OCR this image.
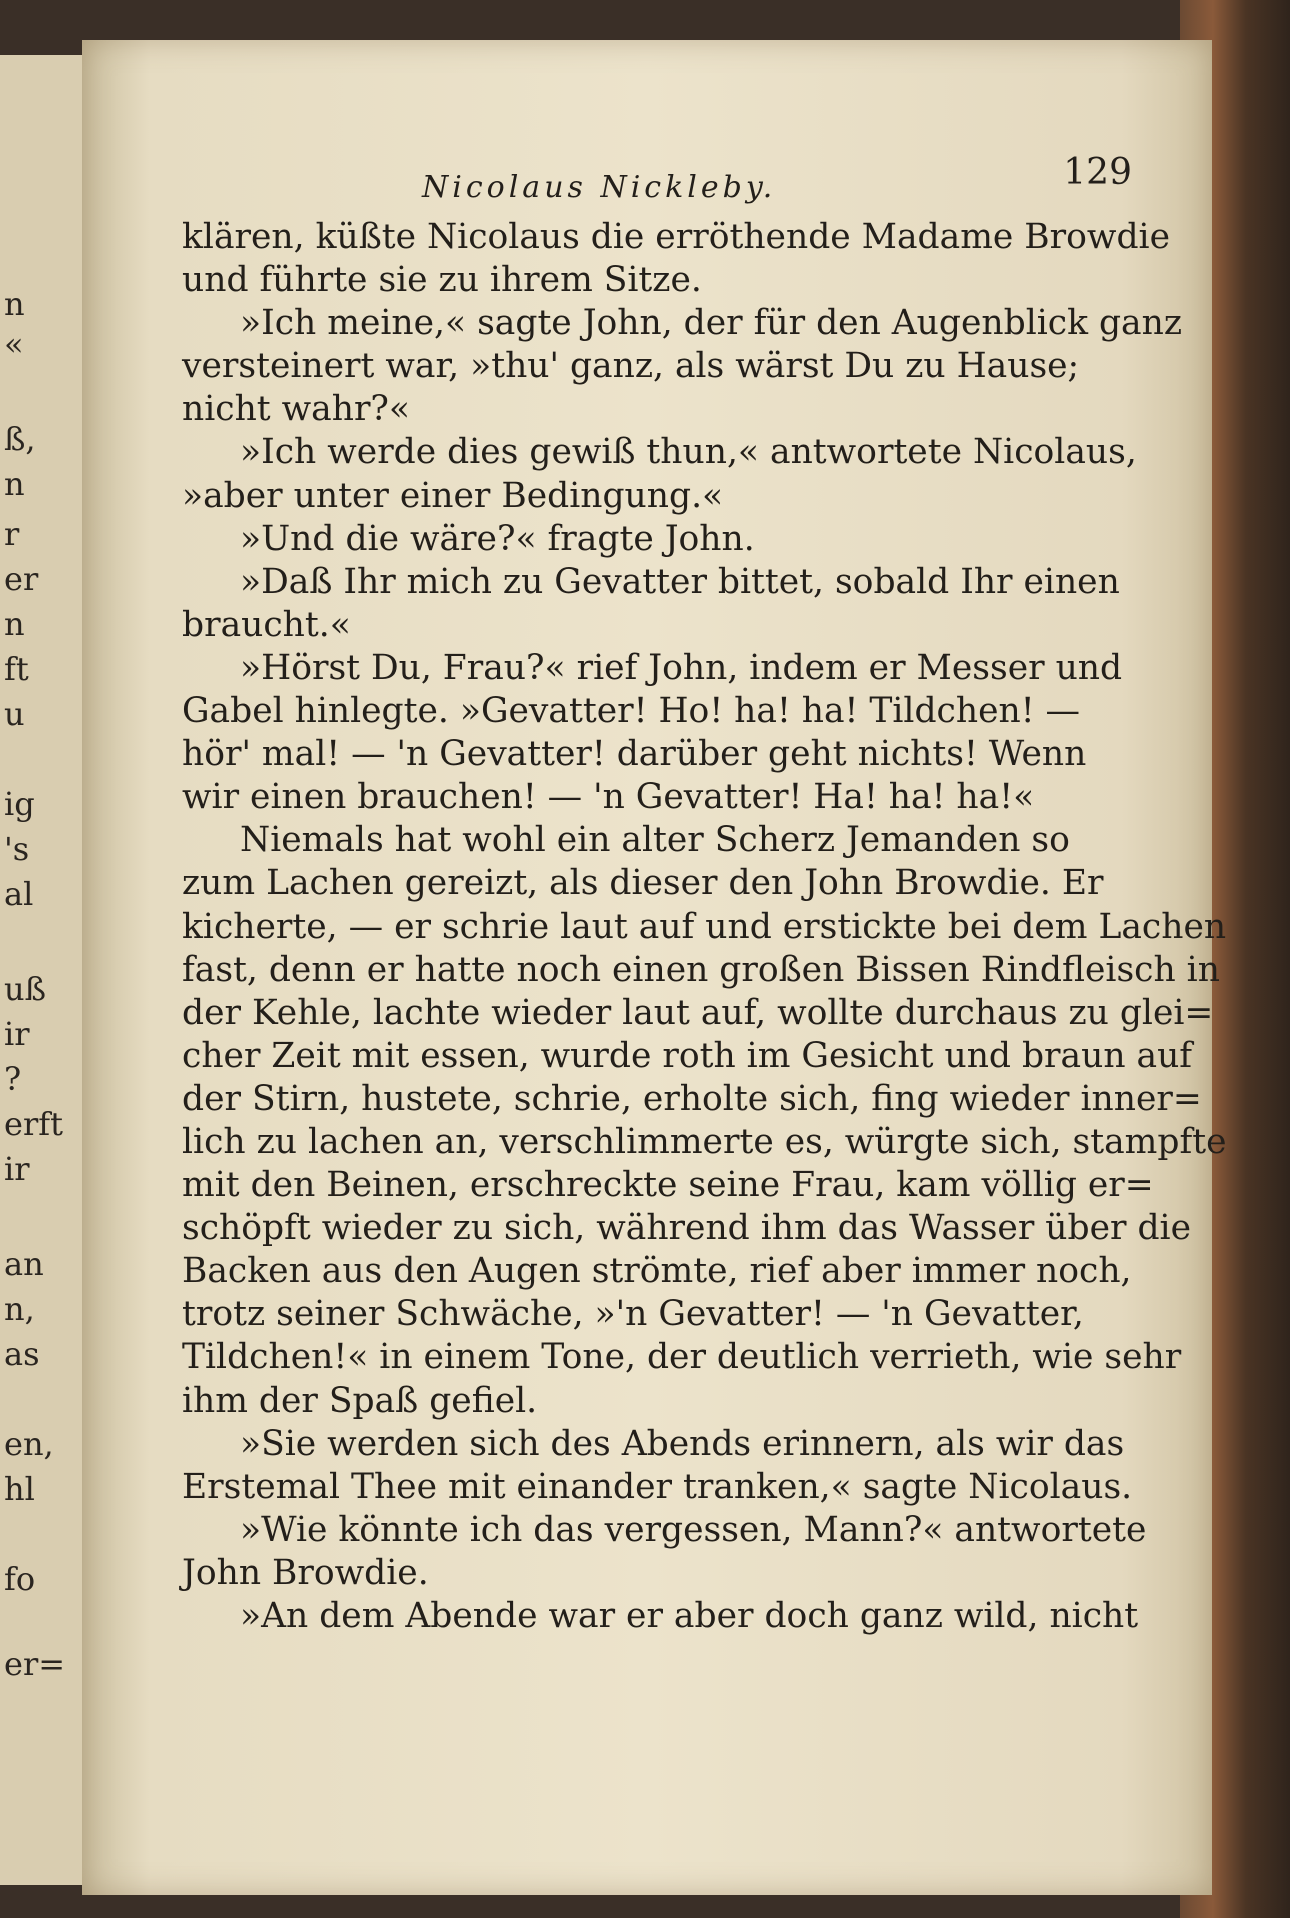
n
«
ß,
n
r
er
n
ft
u
ig
's
al
uß
ir
?
erft
ir
an
n,
as
en,
hl
fo
er=
Nicolaus Nickleby.	129
klären, küßte Nicolaus die erröthende Madame Browdie
und führte sie zu ihrem Sitze.
»Ich meine,« sagte John, der für den Augenblick ganz
versteinert war, »thu' ganz, als wärst Du zu Hause;
nicht wahr?«
»Ich werde dies gewiß thun,« antwortete Nicolaus,
»aber unter einer Bedingung.«
»Und die wäre?« fragte John.
»Daß Ihr mich zu Gevatter bittet, sobald Ihr einen
braucht.«
»Hörst Du, Frau?« rief John, indem er Messer und
Gabel hinlegte. »Gevatter! Ho! ha! ha! Tildchen! —
hör' mal! — 'n Gevatter! darüber geht nichts! Wenn
wir einen brauchen! — 'n Gevatter! Ha! ha! ha!«
Niemals hat wohl ein alter Scherz Jemanden so
zum Lachen gereizt, als dieser den John Browdie. Er
kicherte, — er schrie laut auf und erstickte bei dem Lachen
fast, denn er hatte noch einen großen Bissen Rindfleisch in
der Kehle, lachte wieder laut auf, wollte durchaus zu glei=
cher Zeit mit essen, wurde roth im Gesicht und braun auf
der Stirn, hustete, schrie, erholte sich, fing wieder inner=
lich zu lachen an, verschlimmerte es, würgte sich, stampfte
mit den Beinen, erschreckte seine Frau, kam völlig er=
schöpft wieder zu sich, während ihm das Wasser über die
Backen aus den Augen strömte, rief aber immer noch,
trotz seiner Schwäche, »'n Gevatter! — 'n Gevatter,
Tildchen!« in einem Tone, der deutlich verrieth, wie sehr
ihm der Spaß gefiel.
»Sie werden sich des Abends erinnern, als wir das
Erstemal Thee mit einander tranken,« sagte Nicolaus.
»Wie könnte ich das vergessen, Mann?« antwortete
John Browdie.
»An dem Abende war er aber doch ganz wild, nicht
